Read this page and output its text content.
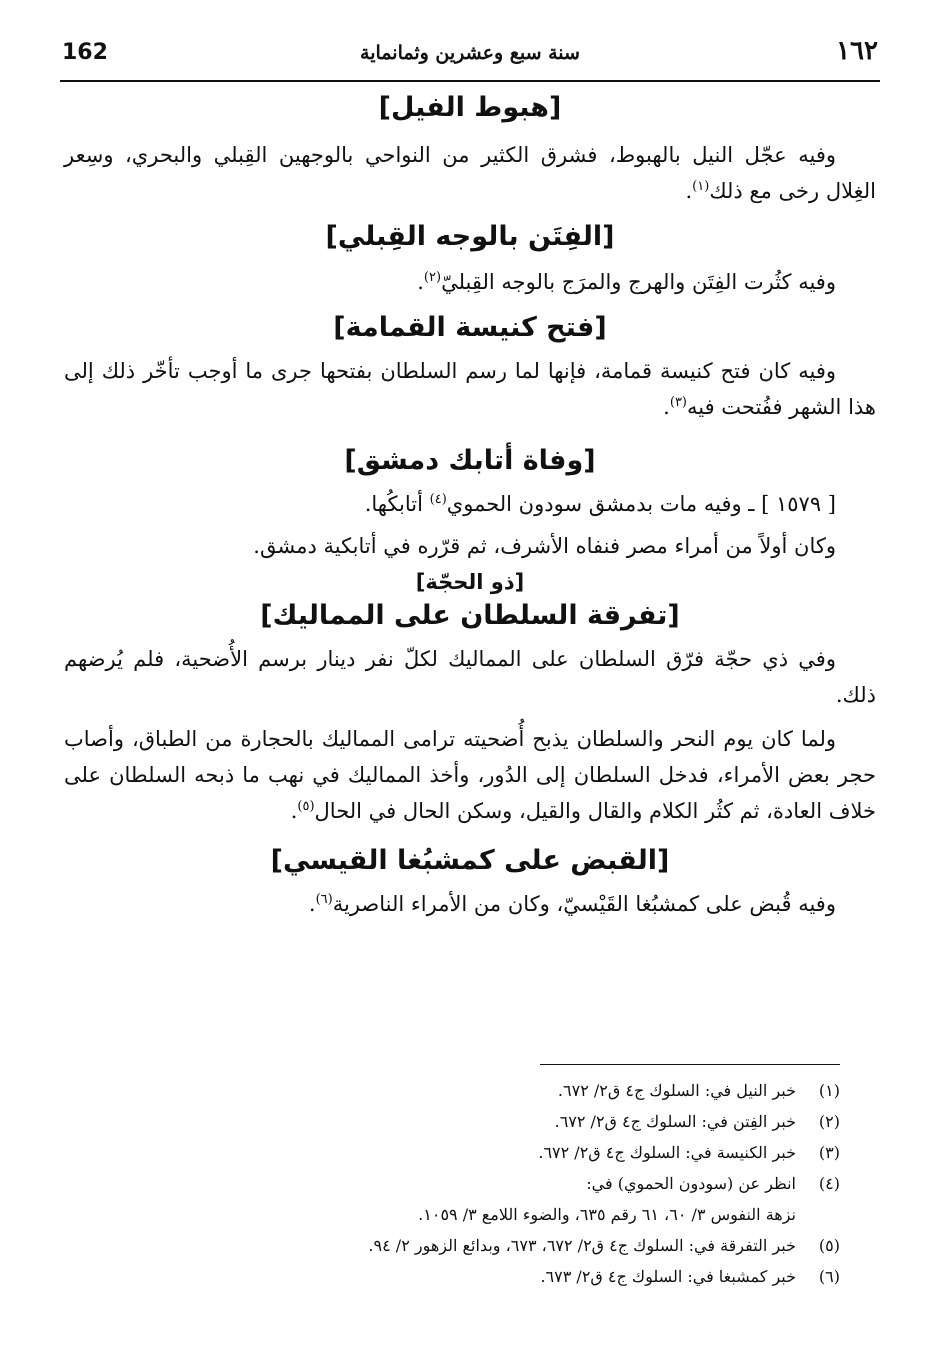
162	سنة سبع وعشرين وثمانماية	١٦٢
[هبوط الفيل]

وفيه عجّل النيل بالهبوط، فشرق الكثير من النواحي بالوجهين القِبلي والبحري، وسِعر الغِلال رخى مع ذلك$^{(١)}$.

[الفِتَن بالوجه القِبلي]

وفيه كثُرت الفِتَن والهرج والمرَج بالوجه القِبليّ$^{(٢)}$.

[فتح كنيسة القمامة]

وفيه كان فتح كنيسة قمامة، فإنها لما رسم السلطان بفتحها جرى ما أوجب تأخّر ذلك إلى هذا الشهر ففُتحت فيه$^{(٣)}$.

[وفاة أتابك دمشق]

[ ١٥٧٩ ] ـ وفيه مات بدمشق سودون الحموي$^{(٤)}$ أتابكُها.

وكان أولاً من أمراء مصر فنفاه الأشرف، ثم قرّره في أتابكية دمشق.

[ذو الحجّة]
[تفرقة السلطان على المماليك]

وفي ذي حجّة فرّق السلطان على المماليك لكلّ نفر دينار برسم الأُضحية، فلم يُرضهم ذلك.

ولما كان يوم النحر والسلطان يذبح أُضحيته ترامى المماليك بالحجارة من الطباق، وأصاب حجر بعض الأمراء، فدخل السلطان إلى الدُور، وأخذ المماليك في نهب ما ذبحه السلطان على خلاف العادة، ثم كثُر الكلام والقال والقيل، وسكن الحال في الحال$^{(٥)}$.

[القبض على كمشبُغا القيسي]

وفيه قُبض على كمشبُغا القَيْسيّ، وكان من الأمراء الناصرية$^{(٦)}$.

(١)خبر النيل في: السلوك ج٤ ق٢/ ٦٧٢.
(٢)خبر الفِتن في: السلوك ج٤ ق٢/ ٦٧٢.
(٣)خبر الكنيسة في: السلوك ج٤ ق٢/ ٦٧٢.
(٤)انظر عن (سودون الحموي) في:
نزهة النفوس ٣/ ٦٠، ٦١ رقم ٦٣٥، والضوء اللامع ٣/ ١٠٥٩.
(٥)خبر التفرقة في: السلوك ج٤ ق٢/ ٦٧٢، ٦٧٣، وبدائع الزهور ٢/ ٩٤.
(٦)خبر كمشبغا في: السلوك ج٤ ق٢/ ٦٧٣.
